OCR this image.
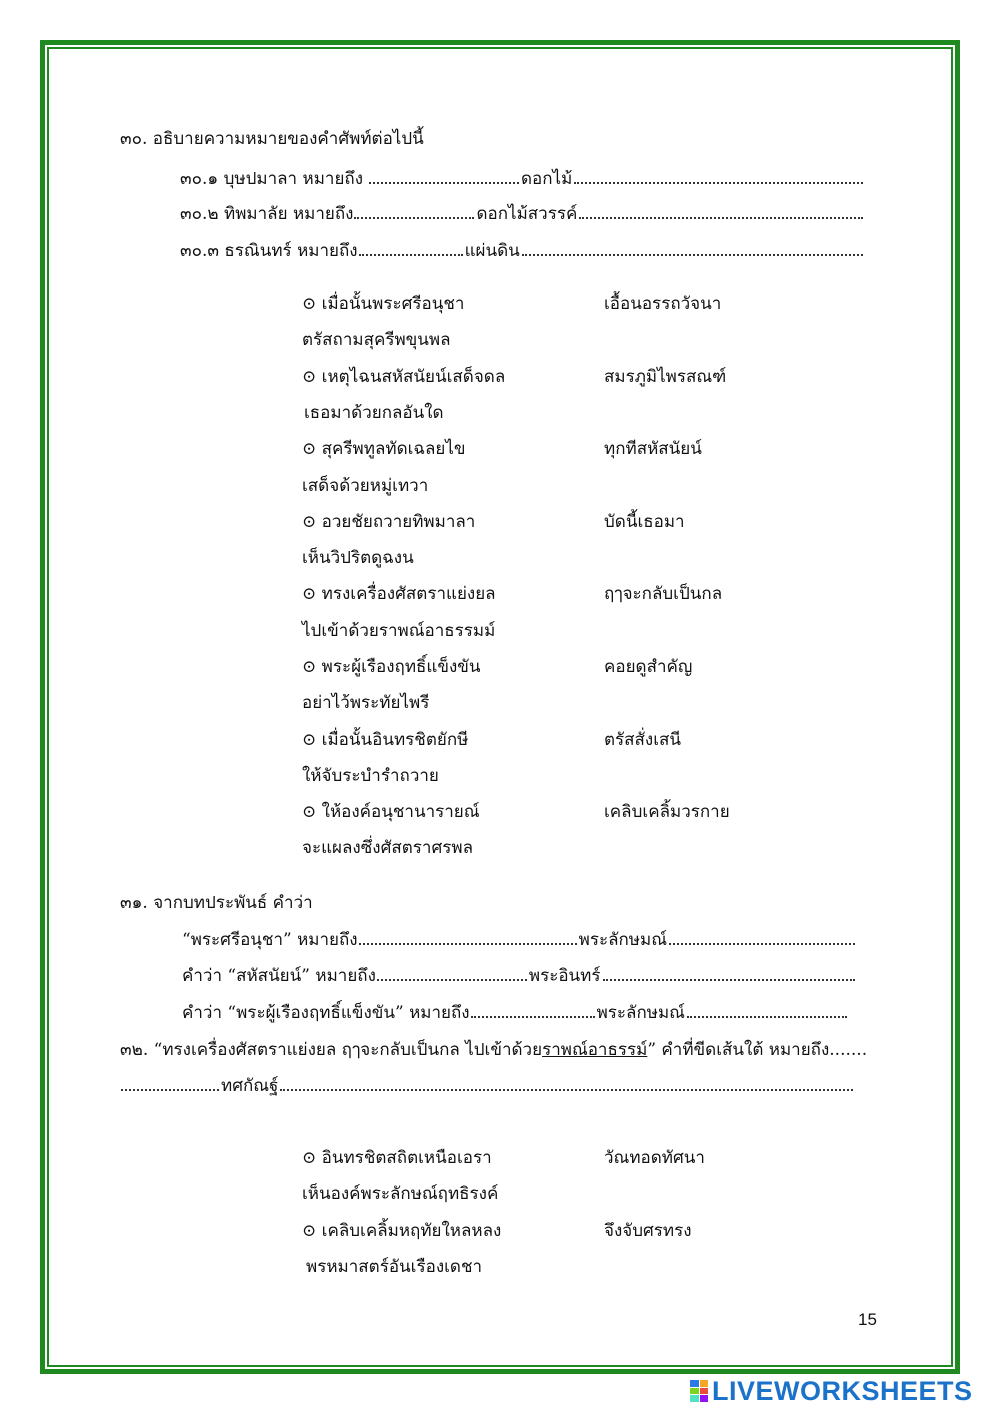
๓๐. อธิบายความหมายของคำศัพท์ต่อไปนี้
๓๐.๑ บุษปมาลา หมายถึง	ดอกไม้
๓๐.๒ ทิพมาลัย หมายถึง	ดอกไม้สวรรค์
๓๐.๓ ธรณินทร์ หมายถึง	แผ่นดิน
⊙ เมื่อนั้นพระศรีอนุชา	เอื้อนอรรถวัจนา
ตรัสถามสุครีพขุนพล
⊙ เหตุไฉนสหัสนัยน์เสด็จดล	สมรภูมิไพรสณฑ์
เธอมาด้วยกลอันใด
⊙ สุครีพทูลทัดเฉลยไข	ทุกทีสหัสนัยน์
เสด็จด้วยหมู่เทวา
⊙ อวยชัยถวายทิพมาลา	บัดนี้เธอมา
เห็นวิปริตดูฉงน
⊙ ทรงเครื่องศัสตราแย่งยล	ฤๅจะกลับเป็นกล
ไปเข้าด้วยราพณ์อาธรรมม์
⊙ พระผู้เรืองฤทธิ์แข็งขัน	คอยดูสำคัญ
อย่าไว้พระทัยไพรี
⊙ เมื่อนั้นอินทรชิตยักษี	ตรัสสั่งเสนี
ให้จับระบำรำถวาย
⊙ ให้องค์อนุชานารายณ์	เคลิบเคลิ้มวรกาย
จะแผลงซึ่งศัสตราศรพล
๓๑. จากบทประพันธ์ คำว่า
“พระศรีอนุชา” หมายถึง	พระลักษมณ์
คำว่า “สหัสนัยน์” หมายถึง	พระอินทร์
คำว่า “พระผู้เรืองฤทธิ์แข็งขัน” หมายถึง	พระลักษมณ์
๓๒. “ทรงเครื่องศัสตราแย่งยล ฤๅจะกลับเป็นกล ไปเข้าด้วยราพณ์อาธรรม์” คำที่ขีดเส้นใต้ หมายถึง.......
ทศกัณฐ์
⊙ อินทรชิตสถิตเหนือเอรา	วัณทอดทัศนา
เห็นองค์พระลักษณ์ฤทธิรงค์
⊙ เคลิบเคลิ้มหฤทัยใหลหลง	จึงจับศรทรง
พรหมาสตร์อันเรืองเดชา
15
LIVEWORKSHEETS
